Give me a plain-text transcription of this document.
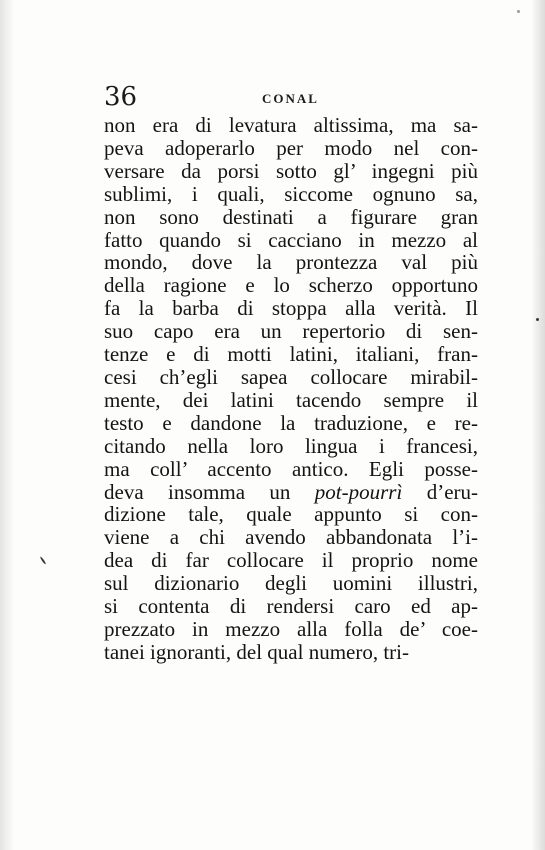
36	CONAL
non era di levatura altissima, ma sa-
peva adoperarlo per modo nel con-
versare da porsi sotto gl’ ingegni più
sublimi, i quali, siccome ognuno sa,
non sono destinati a figurare gran
fatto quando si cacciano in mezzo al
mondo, dove la prontezza val più
della ragione e lo scherzo opportuno
fa la barba di stoppa alla verità. Il
suo capo era un repertorio di sen-
tenze e di motti latini, italiani, fran-
cesi ch’egli sapea collocare mirabil-
mente, dei latini tacendo sempre il
testo e dandone la traduzione, e re-
citando nella loro lingua i francesi,
ma coll’ accento antico. Egli posse-
deva insomma un pot-pourrì d’eru-
dizione tale, quale appunto si con-
viene a chi avendo abbandonata l’i-
dea di far collocare il proprio nome
sul dizionario degli uomini illustri,
si contenta di rendersi caro ed ap-
prezzato in mezzo alla folla de’ coe-
tanei ignoranti, del qual numero, tri-
